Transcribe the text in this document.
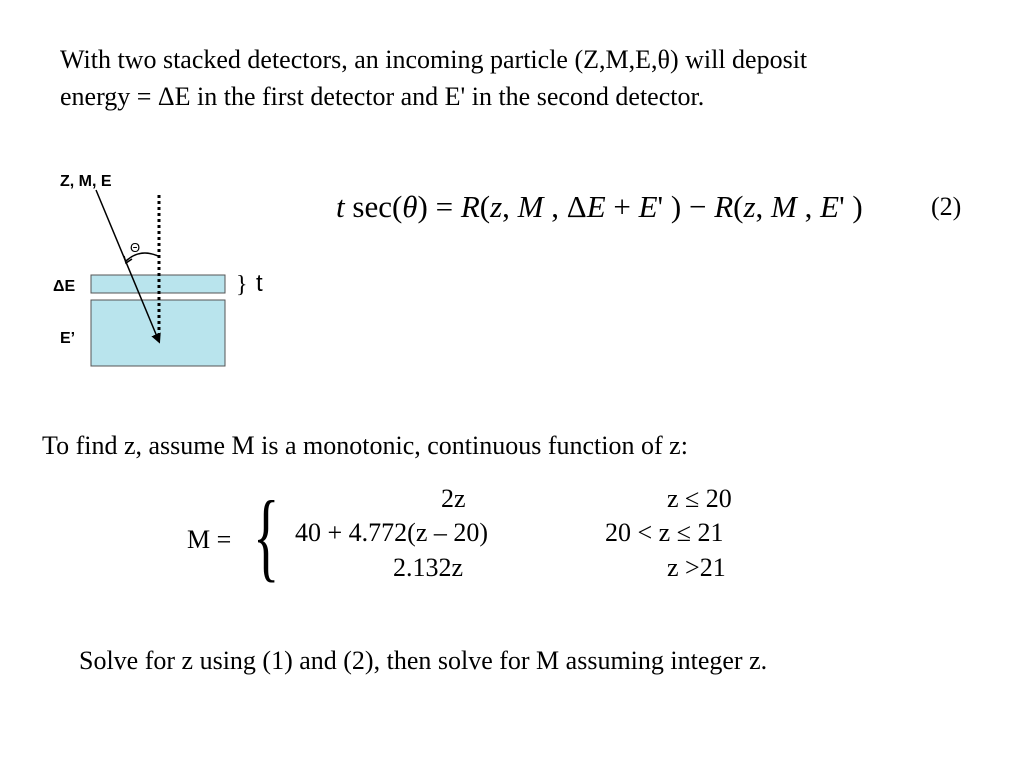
With two stacked detectors, an incoming particle (Z,M,E,θ) will deposit
energy = ΔE in the first detector and E' in the second detector.
Z, M, E
Θ
ΔE
E’
} t
t sec(θ) = R(z, M , ΔE + E' ) − R(z, M , E' )	(2)
To find z, assume M is a monotonic, continuous function of z:
M = {	2z	z ≤ 20
40 + 4.772(z – 20)	20 < z ≤ 21
2.132z	z >21
Solve for z using (1) and (2), then solve for M assuming integer z.
